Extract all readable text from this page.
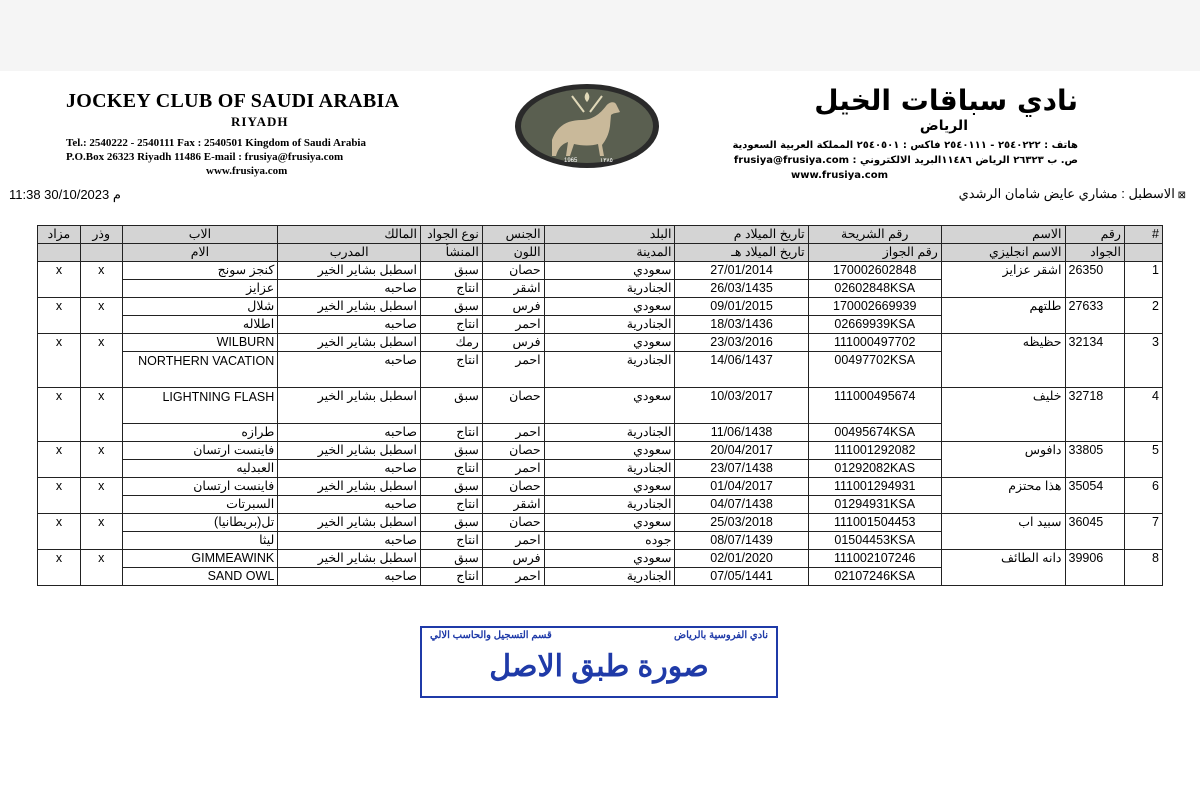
JOCKEY CLUB OF SAUDI ARABIA
RIYADH
Tel.: 2540222 - 2540111 Fax : 2540501 Kingdom of Saudi Arabia
P.O.Box 26323 Riyadh 11486 E-mail : frusiya@frusiya.com
www.frusiya.com
1965	١٣٨٥
نادي سباقات الخيل
الرياض
هاتف : ٢٥٤٠٢٢٢ - ٢٥٤٠١١١ فاكس : ٢٥٤٠٥٠١ المملكة العربية السعودية
ص. ب ٢٦٣٢٣ الرياض ١١٤٨٦البريد الالكتروني : frusiya@frusiya.com
www.frusiya.com
11:38 30/10/2023 م	⊠ الاسطبل : مشاري عايض شامان الرشدي
#	رقم	الاسم	رقم الشريحة	تاريخ الميلاد م	البلد	الجنس	نوع الجواد	المالك	الاب	وذر	مزاد
	الجواد	الاسم انجليزي	رقم الجواز	تاريخ الميلاد هـ	المدينة	اللون	المنشأ	المدرب	الام		
1	26350	اشقر عزايز	170002602848	27/01/2014	سعودي	حصان	سبق	اسطبل بشاير الخير	كنجز سونج	x	x
			02602848KSA	26/03/1435	الجنادرية	اشقر	انتاج	صاحبه	عزايز		
2	27633	طلتهم	170002669939	09/01/2015	سعودي	فرس	سبق	اسطبل بشاير الخير	شلال	x	x
			02669939KSA	18/03/1436	الجنادرية	احمر	انتاج	صاحبه	اطلاله		
3	32134	حظيظه	111000497702	23/03/2016	سعودي	فرس	رمك	اسطبل بشاير الخير	WILBURN	x	x
			00497702KSA	14/06/1437	الجنادرية	احمر	انتاج	صاحبه	NORTHERN VACATION		
4	32718	خليف	111000495674	10/03/2017	سعودي	حصان	سبق	اسطبل بشاير الخير	LIGHTNING FLASH	x	x
			00495674KSA	11/06/1438	الجنادرية	احمر	انتاج	صاحبه	طرازه		
5	33805	دافوس	111001292082	20/04/2017	سعودي	حصان	سبق	اسطبل بشاير الخير	فاينست ارتسان	x	x
			01292082KAS	23/07/1438	الجنادرية	احمر	انتاج	صاحبه	العبدليه		
6	35054	هذا محتزم	111001294931	01/04/2017	سعودي	حصان	سبق	اسطبل بشاير الخير	فاينست ارتسان	x	x
			01294931KSA	04/07/1438	الجنادرية	اشقر	انتاج	صاحبه	السبرتات		
7	36045	سبيد اب	111001504453	25/03/2018	سعودي	حصان	سبق	اسطبل بشاير الخير	تل(بريطانيا)	x	x
			01504453KSA	08/07/1439	جوده	احمر	انتاج	صاحبه	ليثا		
8	39906	دانه الطائف	111002107246	02/01/2020	سعودي	فرس	سبق	اسطبل بشاير الخير	GIMMEAWINK	x	x
			02107246KSA	07/05/1441	الجنادرية	احمر	انتاج	صاحبه	SAND OWL		
نادي الفروسية بالرياض
قسم التسجيل والحاسب الالي
صورة طبق الاصل
